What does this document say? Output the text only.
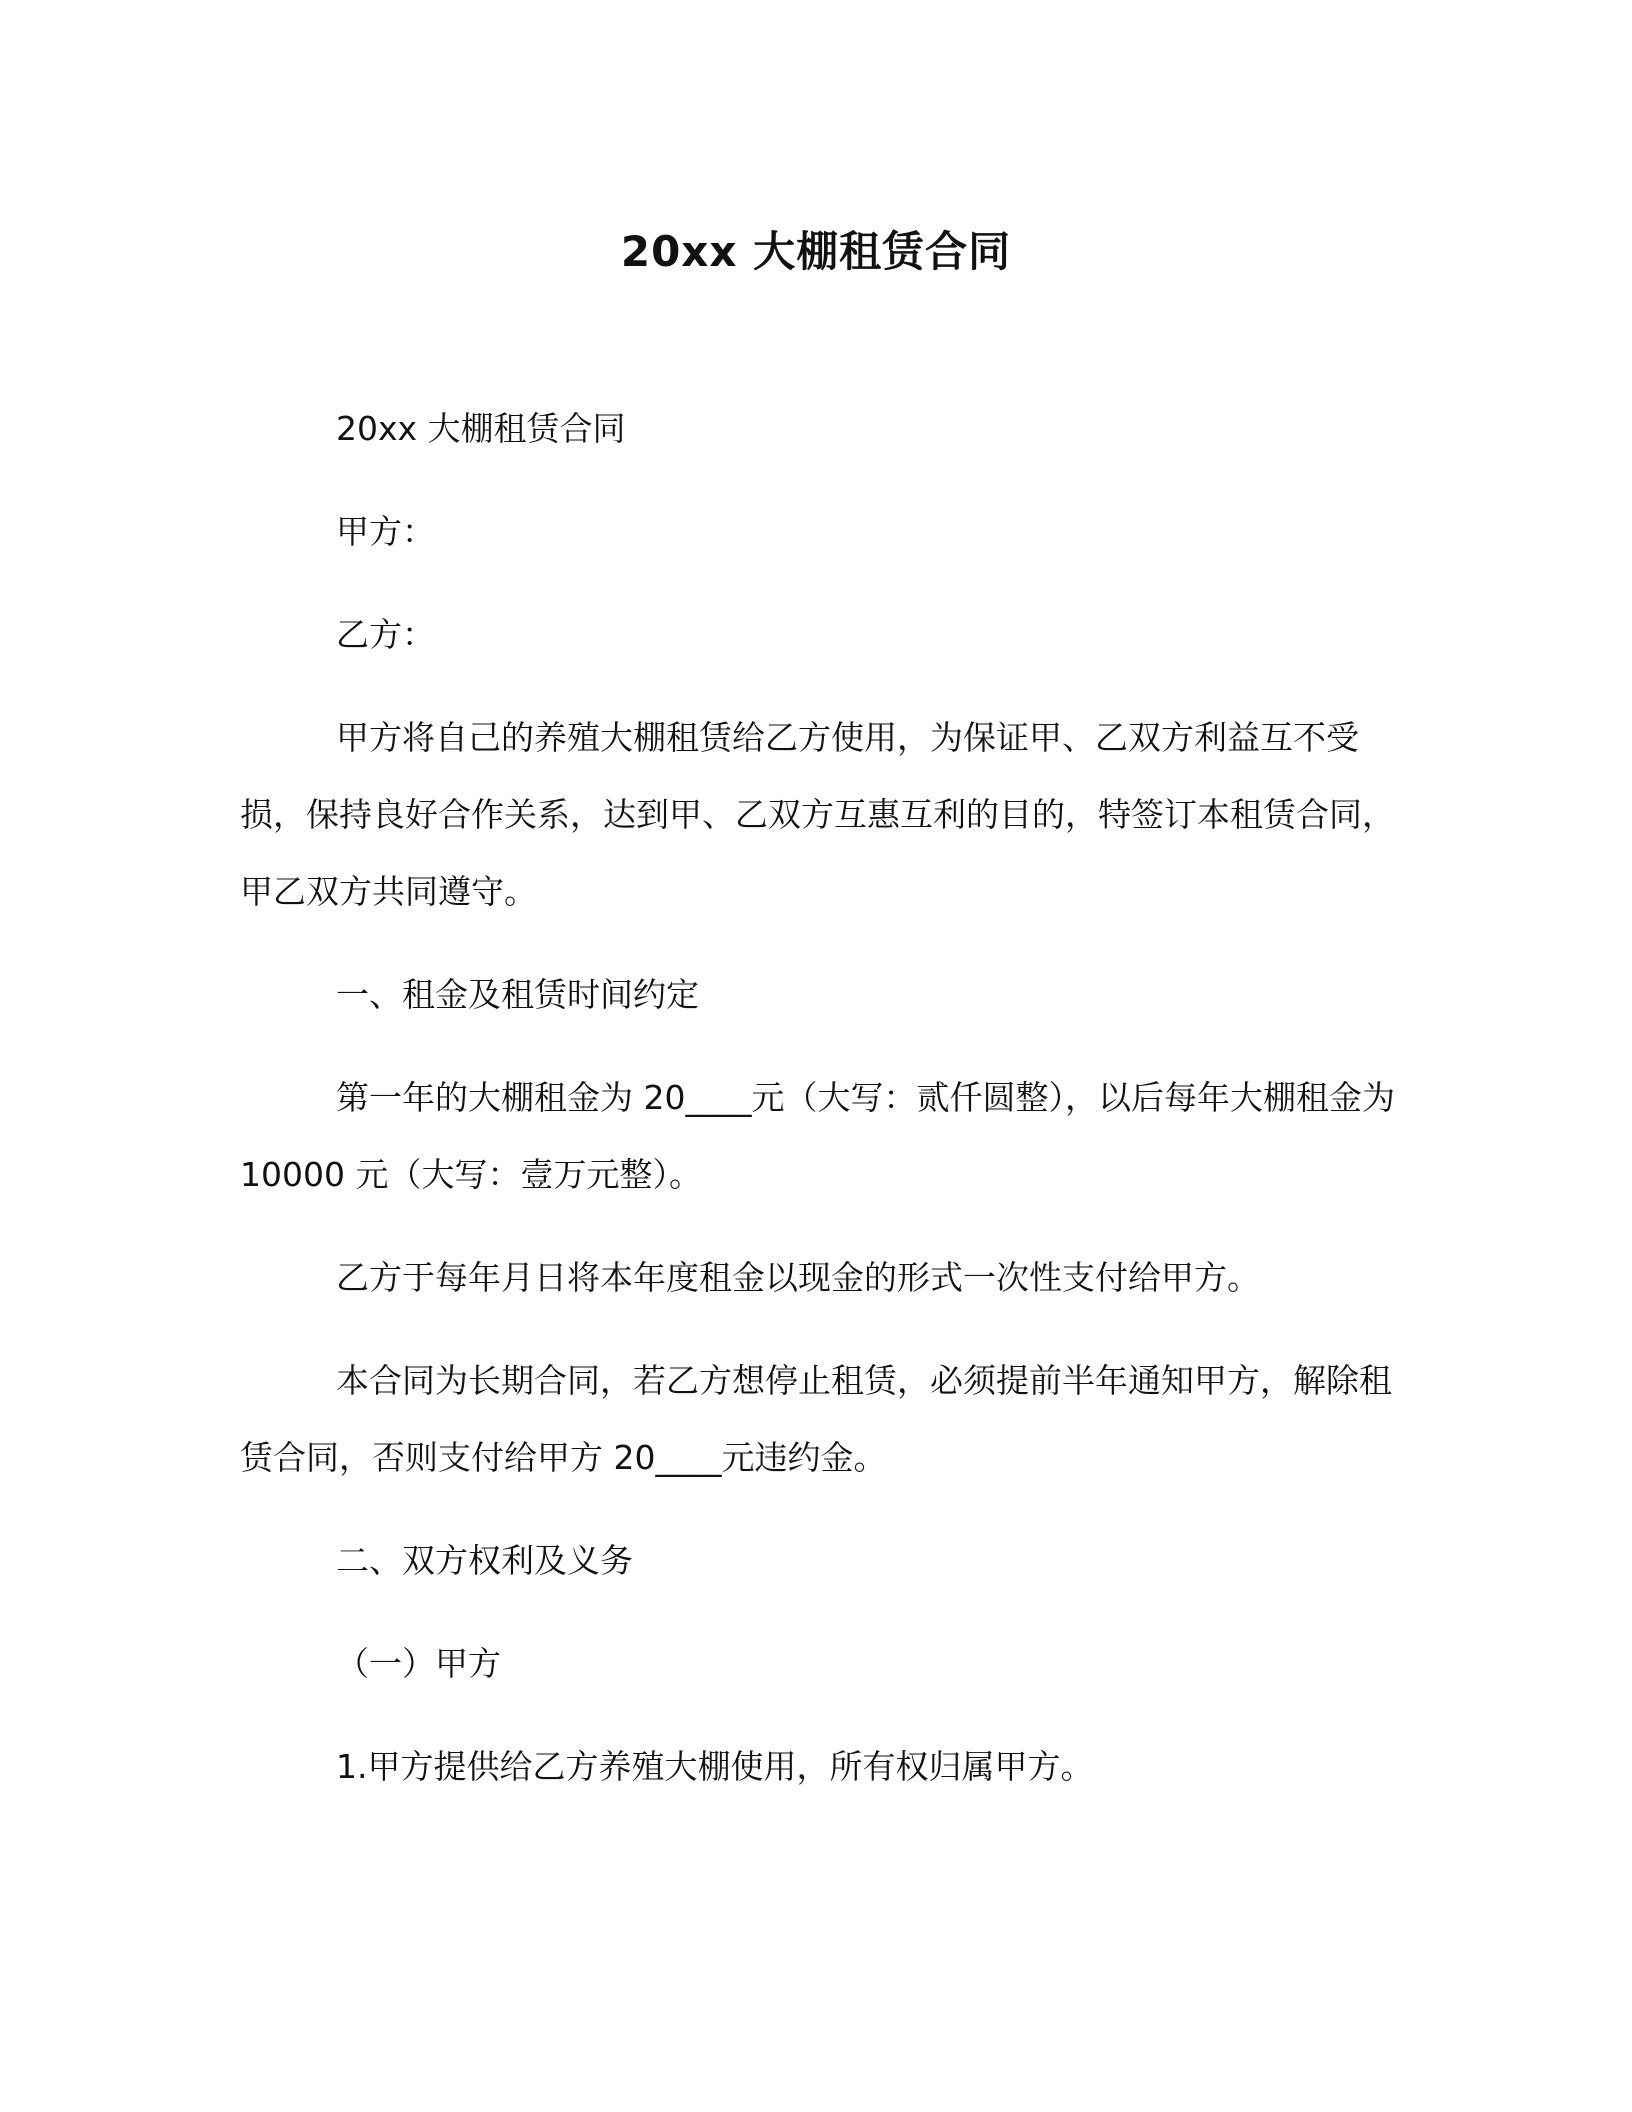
20xx 大棚租赁合同

20xx 大棚租赁合同

甲方：

乙方：

甲方将自己的养殖大棚租赁给乙方使用，为保证甲、乙双方利益互不受损，保持良好合作关系，达到甲、乙双方互惠互利的目的，特签订本租赁合同，甲乙双方共同遵守。

一、租金及租赁时间约定

第一年的大棚租金为 20____元（大写：贰仟圆整），以后每年大棚租金为 10000 元（大写：壹万元整）。

乙方于每年月日将本年度租金以现金的形式一次性支付给甲方。

本合同为长期合同，若乙方想停止租赁，必须提前半年通知甲方，解除租赁合同，否则支付给甲方 20____元违约金。

二、双方权利及义务

（一）甲方

1.甲方提供给乙方养殖大棚使用，所有权归属甲方。
